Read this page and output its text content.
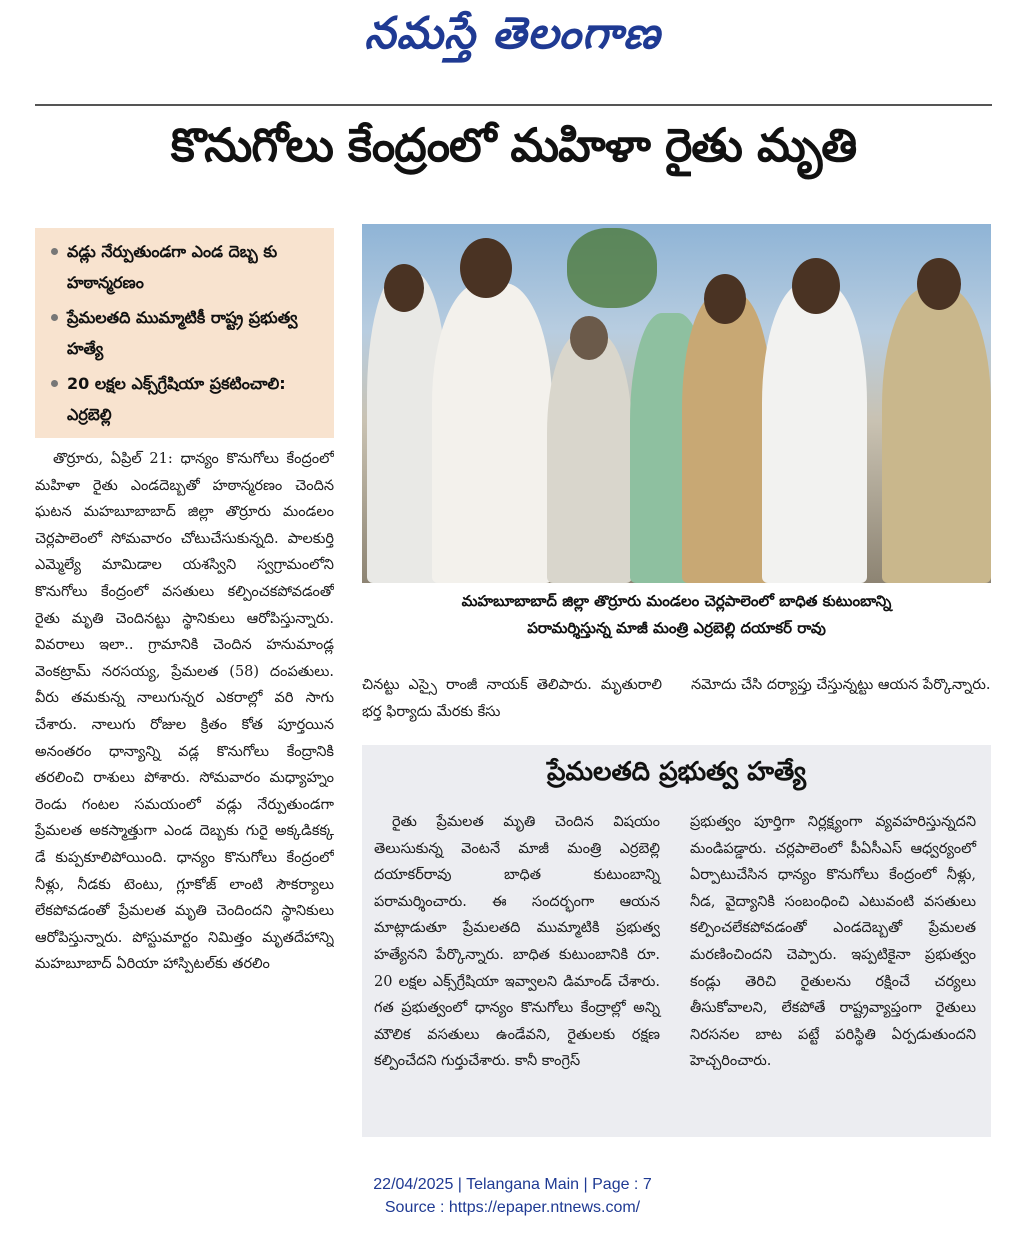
నమస్తే తెలంగాణ
కొనుగోలు కేంద్రంలో మహిళా రైతు మృతి
వడ్లు నేర్పుతుండగా ఎండ దెబ్బ కు హఠాన్మరణం
ప్రేమలతది ముమ్మాటికీ రాష్ట్ర ప్రభుత్వ హత్యే
20 లక్షల ఎక్స్‌గ్రేషియా ప్రకటించాలి: ఎర్రబెల్లి

తొర్రూరు, ఏప్రిల్ 21: ధాన్యం కొనుగోలు కేంద్రంలో మహిళా రైతు ఎండదెబ్బతో హఠాన్మరణం చెందిన ఘటన మహబూబాబాద్ జిల్లా తొర్రూరు మండలం చెర్లపాలెంలో సోమవారం చోటుచేసుకున్నది. పాలకుర్తి ఎమ్మెల్యే మామిడాల యశస్విని స్వగ్రామంలోని కొనుగోలు కేంద్రంలో వసతులు కల్పించకపోవడంతో రైతు మృతి చెందినట్టు స్థానికులు ఆరోపిస్తున్నారు. వివరాలు ఇలా.. గ్రామానికి చెందిన హనుమాండ్ల వెంకట్రామ్ నరసయ్య, ప్రేమలత (58) దంపతులు. వీరు తమకున్న నాలుగున్నర ఎకరాల్లో వరి సాగు చేశారు. నాలుగు రోజుల క్రితం కోత పూర్తయిన అనంతరం ధాన్యాన్ని వడ్ల కొనుగోలు కేంద్రానికి తరలించి రాశులు పోశారు. సోమవారం మధ్యాహ్నం రెండు గంటల సమయంలో వడ్లు నేర్పుతుండగా ప్రేమలత అకస్మాత్తుగా ఎండ దెబ్బకు గురై అక్కడికక్క డే కుప్పకూలిపోయింది. ధాన్యం కొనుగోలు కేంద్రంలో నీళ్లు, నీడకు టెంటు, గ్లూకోజ్ లాంటి సౌకర్యాలు లేకపోవడంతో ప్రేమలత మృతి చెందిందని స్థానికులు ఆరోపిస్తున్నారు. పోస్టుమార్టం నిమిత్తం మృతదేహాన్ని మహబూబాద్ ఏరియా హాస్పిటల్‌కు తరలిం

మహబూబాబాద్ జిల్లా తొర్రూరు మండలం చెర్లపాలెంలో బాధిత కుటుంబాన్ని
పరామర్శిస్తున్న మాజీ మంత్రి ఎర్రబెల్లి దయాకర్ రావు

చినట్టు ఎస్సై రాంజీ నాయక్ తెలిపారు. మృతురాలి భర్త ఫిర్యాదు మేరకు కేసు

నమోదు చేసి దర్యాప్తు చేస్తున్నట్టు ఆయన పేర్కొన్నారు.

ప్రేమలతది ప్రభుత్వ హత్యే

రైతు ప్రేమలత మృతి చెందిన విషయం తెలుసుకున్న వెంటనే మాజీ మంత్రి ఎర్రబెల్లి దయాకర్‌రావు బాధిత కుటుంబాన్ని పరామర్శించారు. ఈ సందర్భంగా ఆయన మాట్లాడుతూ ప్రేమలతది ముమ్మాటికి ప్రభుత్వ హత్యేనని పేర్కొన్నారు. బాధిత కుటుంబానికి రూ. 20 లక్షల ఎక్స్‌గ్రేషియా ఇవ్వాలని డిమాండ్ చేశారు. గత ప్రభుత్వంలో ధాన్యం కొనుగోలు కేంద్రాల్లో అన్ని మౌలిక వసతులు ఉండేవని, రైతులకు రక్షణ కల్పించేదని గుర్తుచేశారు. కానీ కాంగ్రెస్

ప్రభుత్వం పూర్తిగా నిర్లక్ష్యంగా వ్యవహరిస్తున్నదని మండిపడ్డారు. చర్లపాలెంలో పీఏసీఎస్ ఆధ్వర్యంలో ఏర్పాటుచేసిన ధాన్యం కొనుగోలు కేంద్రంలో నీళ్లు, నీడ, వైద్యానికి సంబంధించి ఎటువంటి వసతులు కల్పించలేకపోవడంతో ఎండదెబ్బతో ప్రేమలత మరణించిందని చెప్పారు. ఇప్పటికైనా ప్రభుత్వం కండ్లు తెరిచి రైతులను రక్షించే చర్యలు తీసుకోవాలని, లేకపోతే రాష్ట్రవ్యాప్తంగా రైతులు నిరసనల బాట పట్టే పరిస్థితి ఏర్పడుతుందని హెచ్చరించారు.

22/04/2025 | Telangana Main | Page : 7
Source : https://epaper.ntnews.com/
